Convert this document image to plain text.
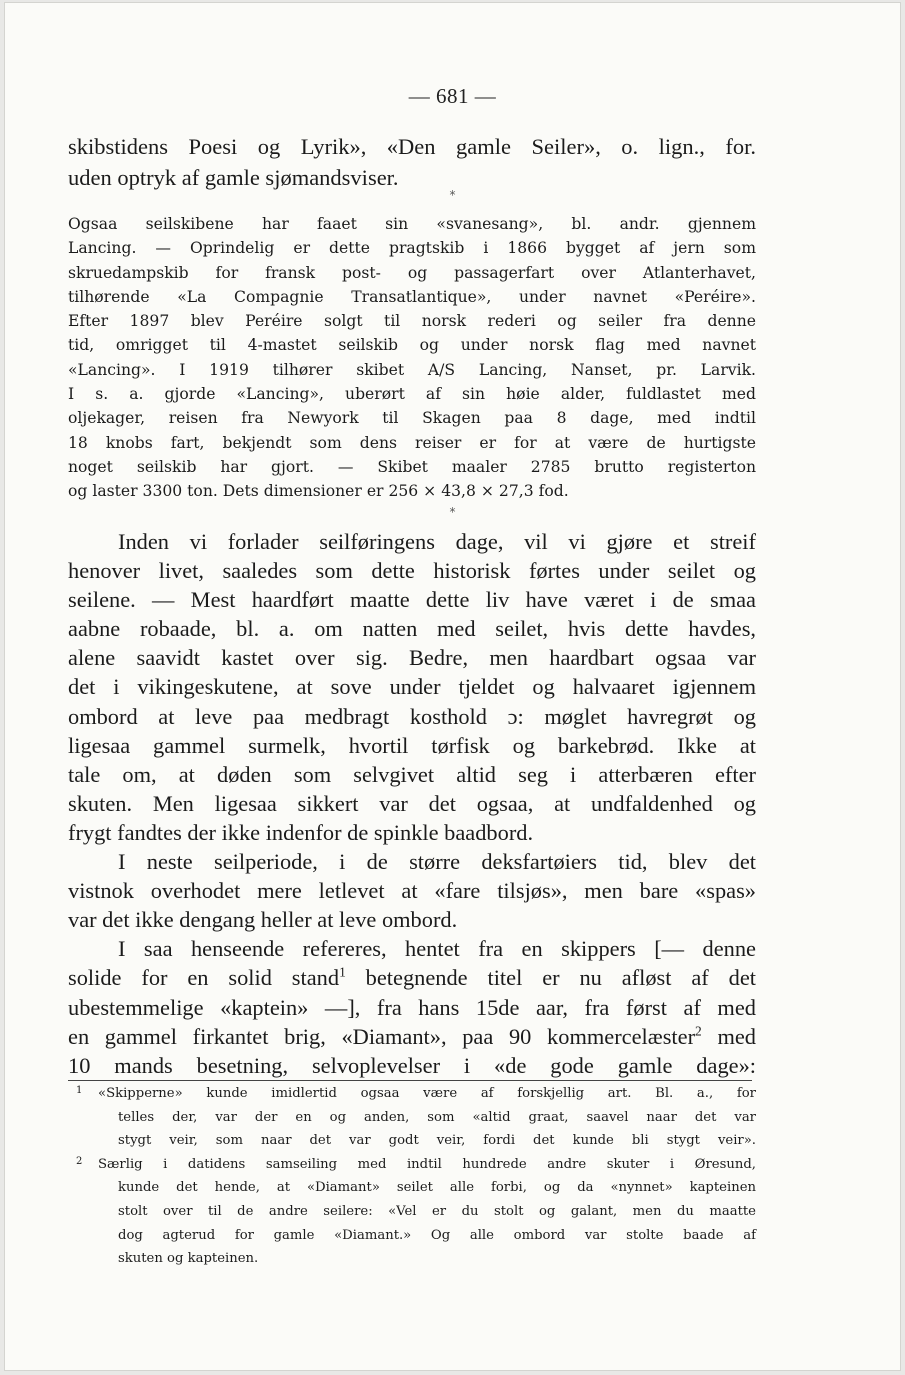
— 681 —
skibstidens Poesi og Lyrik», «Den gamle Seiler», o. lign., for.
uden optryk af gamle sjømandsviser.
*
Ogsaa seilskibene har faaet sin «svanesang», bl. andr. gjennem
Lancing. — Oprindelig er dette pragtskib i 1866 bygget af jern som
skruedampskib for fransk post- og passagerfart over Atlanterhavet,
tilhørende «La Compagnie Transatlantique», under navnet «Peréire».
Efter 1897 blev Peréire solgt til norsk rederi og seiler fra denne
tid, omrigget til 4-mastet seilskib og under norsk flag med navnet
«Lancing». I 1919 tilhører skibet A/S Lancing, Nanset, pr. Larvik.
I s. a. gjorde «Lancing», uberørt af sin høie alder, fuldlastet med
oljekager, reisen fra Newyork til Skagen paa 8 dage, med indtil
18 knobs fart, bekjendt som dens reiser er for at være de hurtigste
noget seilskib har gjort. — Skibet maaler 2785 brutto registerton
og laster 3300 ton. Dets dimensioner er 256 × 43,8 × 27,3 fod.
*
Inden vi forlader seilføringens dage, vil vi gjøre et streif
henover livet, saaledes som dette historisk førtes under seilet og
seilene. — Mest haardført maatte dette liv have været i de smaa
aabne robaade, bl. a. om natten med seilet, hvis dette havdes,
alene saavidt kastet over sig. Bedre, men haardbart ogsaa var
det i vikingeskutene, at sove under tjeldet og halvaaret igjennem
ombord at leve paa medbragt kosthold ɔ: møglet havregrøt og
ligesaa gammel surmelk, hvortil tørfisk og barkebrød. Ikke at
tale om, at døden som selvgivet altid seg i atterbæren efter
skuten. Men ligesaa sikkert var det ogsaa, at undfaldenhed og
frygt fandtes der ikke indenfor de spinkle baadbord.
I neste seilperiode, i de større deksfartøiers tid, blev det
vistnok overhodet mere letlevet at «fare tilsjøs», men bare «spas»
var det ikke dengang heller at leve ombord.
I saa henseende refereres, hentet fra en skippers [— denne
solide for en solid stand$^1$ betegnende titel er nu afløst af det
ubestemmelige «kaptein» —], fra hans 15de aar, fra først af med
en gammel firkantet brig, «Diamant», paa 90 kommercelæster$^2$ med
10 mands besetning, selvoplevelser i «de gode gamle dage»:
1 «Skipperne» kunde imidlertid ogsaa være af forskjellig art. Bl. a., for
telles der, var der en og anden, som «altid graat, saavel naar det var
stygt veir, som naar det var godt veir, fordi det kunde bli stygt veir».
2 Særlig i datidens samseiling med indtil hundrede andre skuter i Øresund,
kunde det hende, at «Diamant» seilet alle forbi, og da «nynnet» kapteinen
stolt over til de andre seilere: «Vel er du stolt og galant, men du maatte
dog agterud for gamle «Diamant.» Og alle ombord var stolte baade af
skuten og kapteinen.
